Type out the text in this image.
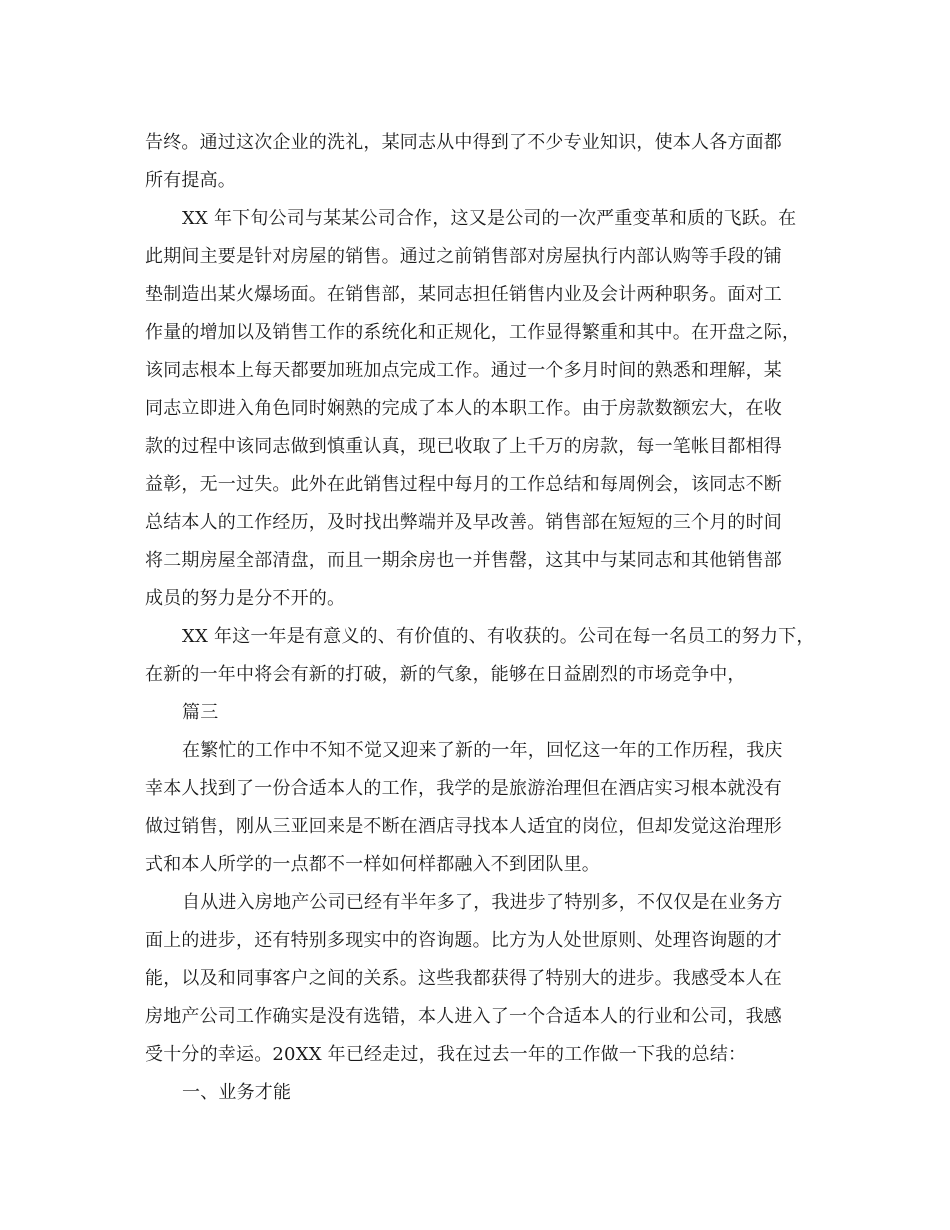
告终。通过这次企业的洗礼，某同志从中得到了不少专业知识，使本人各方面都
所有提高。
XX 年下旬公司与某某公司合作，这又是公司的一次严重变革和质的飞跃。在
此期间主要是针对房屋的销售。通过之前销售部对房屋执行内部认购等手段的铺
垫制造出某火爆场面。在销售部，某同志担任销售内业及会计两种职务。面对工
作量的增加以及销售工作的系统化和正规化，工作显得繁重和其中。在开盘之际，
该同志根本上每天都要加班加点完成工作。通过一个多月时间的熟悉和理解，某
同志立即进入角色同时娴熟的完成了本人的本职工作。由于房款数额宏大，在收
款的过程中该同志做到慎重认真，现已收取了上千万的房款，每一笔帐目都相得
益彰，无一过失。此外在此销售过程中每月的工作总结和每周例会，该同志不断
总结本人的工作经历，及时找出弊端并及早改善。销售部在短短的三个月的时间
将二期房屋全部清盘，而且一期余房也一并售罄，这其中与某同志和其他销售部
成员的努力是分不开的。
XX 年这一年是有意义的、有价值的、有收获的。公司在每一名员工的努力下，
在新的一年中将会有新的打破，新的气象，能够在日益剧烈的市场竞争中，
篇三
在繁忙的工作中不知不觉又迎来了新的一年，回忆这一年的工作历程，我庆
幸本人找到了一份合适本人的工作，我学的是旅游治理但在酒店实习根本就没有
做过销售，刚从三亚回来是不断在酒店寻找本人适宜的岗位，但却发觉这治理形
式和本人所学的一点都不一样如何样都融入不到团队里。
自从进入房地产公司已经有半年多了，我进步了特别多，不仅仅是在业务方
面上的进步，还有特别多现实中的咨询题。比方为人处世原则、处理咨询题的才
能，以及和同事客户之间的关系。这些我都获得了特别大的进步。我感受本人在
房地产公司工作确实是没有选错，本人进入了一个合适本人的行业和公司，我感
受十分的幸运。20XX 年已经走过，我在过去一年的工作做一下我的总结：
一、业务才能
